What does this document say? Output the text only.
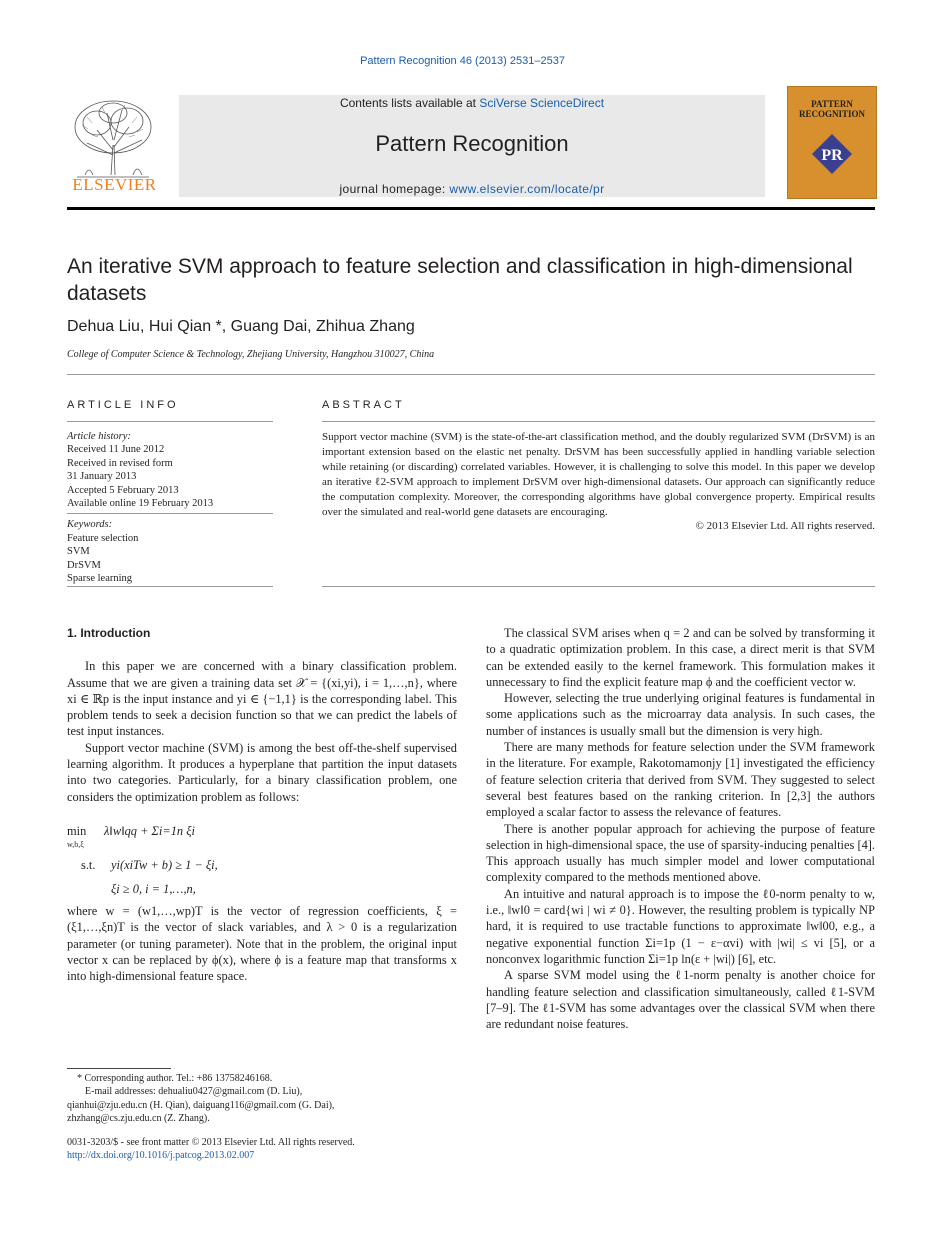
Pattern Recognition 46 (2013) 2531–2537
ELSEVIER
Contents lists available at SciVerse ScienceDirect
Pattern Recognition
journal homepage: www.elsevier.com/locate/pr
PATTERN RECOGNITION
PR
An iterative SVM approach to feature selection and classification in high-dimensional datasets
Dehua Liu, Hui Qian *, Guang Dai, Zhihua Zhang
College of Computer Science & Technology, Zhejiang University, Hangzhou 310027, China
ARTICLE INFO
Article history:
Received 11 June 2012
Received in revised form
31 January 2013
Accepted 5 February 2013
Available online 19 February 2013
Keywords:
Feature selection
SVM
DrSVM
Sparse learning
ABSTRACT

Support vector machine (SVM) is the state-of-the-art classification method, and the doubly regularized SVM (DrSVM) is an important extension based on the elastic net penalty. DrSVM has been successfully applied in handling variable selection while retaining (or discarding) correlated variables. However, it is challenging to solve this model. In this paper we develop an iterative ℓ2-SVM approach to implement DrSVM over high-dimensional datasets. Our approach can significantly reduce the computation complexity. Moreover, the corresponding algorithms have global convergence property. Empirical results over the simulated and real-world gene datasets are encouraging.

© 2013 Elsevier Ltd. All rights reserved.

1. Introduction

In this paper we are concerned with a binary classification problem. Assume that we are given a training data set 𝒳 = {(xi,yi), i = 1,…,n}, where xi ∈ ℝp is the input instance and yi ∈ {−1,1} is the corresponding label. This problem tends to seek a decision function so that we can predict the labels of test input instances.

Support vector machine (SVM) is among the best off-the-shelf supervised learning algorithm. It produces a hyperplane that partition the input datasets into two categories. Particularly, for a binary classification problem, one considers the optimization problem as follows:

min
w,b,ξ
λ‖w‖qq + Σi=1n ξi
s.t. yi(xiTw + b) ≥ 1 − ξi,
ξi ≥ 0, i = 1,…,n,

where w = (w1,…,wp)T is the vector of regression coefficients, ξ = (ξ1,…,ξn)T is the vector of slack variables, and λ > 0 is a regularization parameter (or tuning parameter). Note that in the problem, the original input vector x can be replaced by ϕ(x), where ϕ is a feature map that transforms x into high-dimensional feature space.

* Corresponding author. Tel.: +86 13758246168.
E-mail addresses: dehualiu0427@gmail.com (D. Liu),
qianhui@zju.edu.cn (H. Qian), daiguang116@gmail.com (G. Dai),
zhzhang@cs.zju.edu.cn (Z. Zhang).
0031-3203/$ - see front matter © 2013 Elsevier Ltd. All rights reserved.
http://dx.doi.org/10.1016/j.patcog.2013.02.007

The classical SVM arises when q = 2 and can be solved by transforming it to a quadratic optimization problem. In this case, a direct merit is that SVM can be extended easily to the kernel framework. This formulation makes it unnecessary to find the explicit feature map ϕ and the coefficient vector w.

However, selecting the true underlying original features is fundamental in some applications such as the microarray data analysis. In such cases, the number of instances is usually small but the dimension is very high.

There are many methods for feature selection under the SVM framework in the literature. For example, Rakotomamonjy [1] investigated the efficiency of feature selection criteria that derived from SVM. They suggested to select several best features based on the ranking criterion. In [2,3] the authors employed a scalar factor to assess the relevance of features.

There is another popular approach for achieving the purpose of feature selection in high-dimensional space, the use of sparsity-inducing penalties [4]. This approach usually has much simpler model and lower computational complexity compared to the methods mentioned above.

An intuitive and natural approach is to impose the ℓ0-norm penalty to w, i.e., ‖w‖0 = card{wi | wi ≠ 0}. However, the resulting problem is typically NP hard, it is required to use tractable functions to approximate ‖w‖00, e.g., a negative exponential function Σi=1p (1 − ε−αvi) with |wi| ≤ vi [5], or a nonconvex logarithmic function Σi=1p ln(ε + |wi|) [6], etc.

A sparse SVM model using the ℓ1-norm penalty is another choice for handling feature selection and classification simultaneously, called ℓ1-SVM [7–9]. The ℓ1-SVM has some advantages over the classical SVM when there are redundant noise features.
